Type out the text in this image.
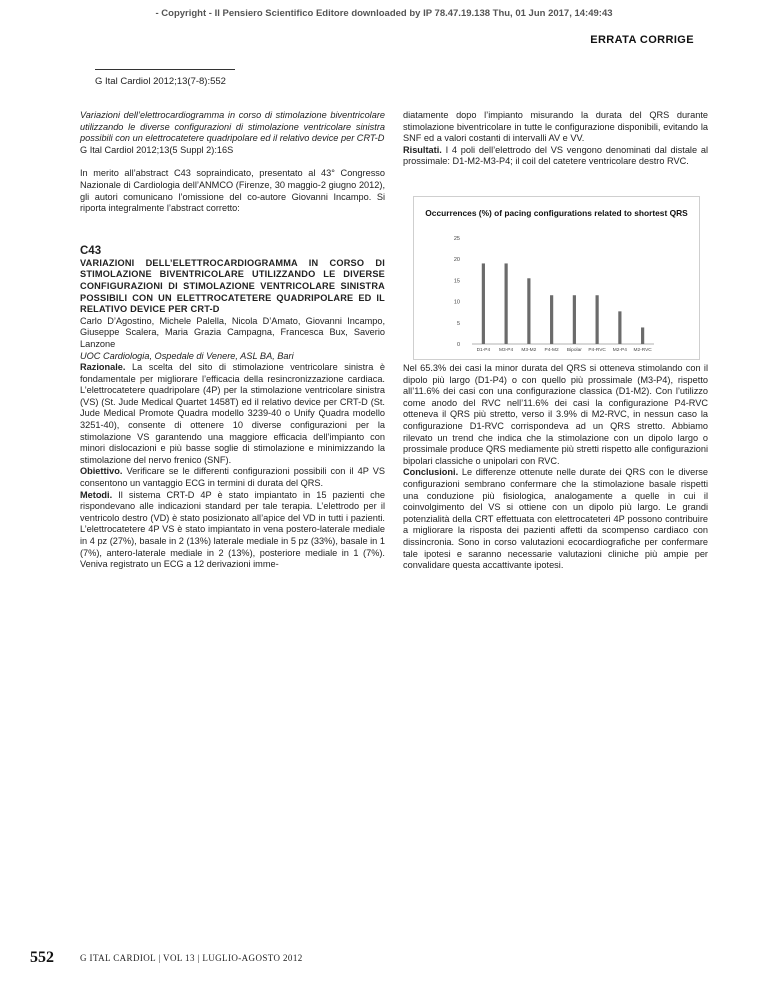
- Copyright - Il Pensiero Scientifico Editore downloaded by IP 78.47.19.138 Thu, 01 Jun 2017, 14:49:43
ERRATA CORRIGE
G Ital Cardiol 2012;13(7-8):552

Variazioni dell’elettrocardiogramma in corso di stimolazione biventricolare utilizzando le diverse configurazioni di stimolazione ventricolare sinistra possibili con un elettrocatetere quadripolare ed il relativo device per CRT-D

G Ital Cardiol 2012;13(5 Suppl 2):16S

In merito all’abstract C43 sopraindicato, presentato al 43° Congresso Nazionale di Cardiologia dell’ANMCO (Firenze, 30 maggio-2 giugno 2012), gli autori comunicano l’omissione del co-autore Giovanni Incampo. Si riporta integralmente l’abstract corretto:

C43

VARIAZIONI DELL’ELETTROCARDIOGRAMMA IN CORSO DI STIMOLAZIONE BIVENTRICOLARE UTILIZZANDO LE DIVERSE CONFIGURAZIONI DI STIMOLAZIONE VENTRICOLARE SINISTRA POSSIBILI CON UN ELETTROCATETERE QUADRIPOLARE ED IL RELATIVO DEVICE PER CRT-D

Carlo D’Agostino, Michele Palella, Nicola D’Amato, Giovanni Incampo, Giuseppe Scalera, Maria Grazia Campagna, Francesca Bux, Saverio Lanzone

UOC Cardiologia, Ospedale di Venere, ASL BA, Bari

Razionale. La scelta del sito di stimolazione ventricolare sinistra è fondamentale per migliorare l’efficacia della resincronizzazione cardiaca. L’elettrocatetere quadripolare (4P) per la stimolazione ventricolare sinistra (VS) (St. Jude Medical Quartet 1458T) ed il relativo device per CRT-D (St. Jude Medical Promote Quadra modello 3239-40 o Unify Quadra modello 3251-40), consente di ottenere 10 diverse configurazioni per la stimolazione VS garantendo una maggiore efficacia dell’impianto con minori dislocazioni e più basse soglie di stimolazione e minimizzando la stimolazione del nervo frenico (SNF).

Obiettivo. Verificare se le differenti configurazioni possibili con il 4P VS consentono un vantaggio ECG in termini di durata del QRS.

Metodi. Il sistema CRT-D 4P è stato impiantato in 15 pazienti che rispondevano alle indicazioni standard per tale terapia. L’elettrodo per il ventricolo destro (VD) è stato posizionato all’apice del VD in tutti i pazienti. L’elettrocatetere 4P VS è stato impiantato in vena postero-laterale mediale in 4 pz (27%), basale in 2 (13%) laterale mediale in 5 pz (33%), basale in 1 (7%), antero-laterale mediale in 2 (13%), posteriore mediale in 1 (7%). Veniva registrato un ECG a 12 derivazioni imme-

diatamente dopo l’impianto misurando la durata del QRS durante stimolazione biventricolare in tutte le configurazione disponibili, evitando la SNF ed a valori costanti di intervalli AV e VV.

Risultati. I 4 poli dell’elettrodo del VS vengono denominati dal distale al prossimale: D1-M2-M3-P4; il coil del catetere ventricolare destro RVC.

Occurrences (%) of pacing configurations related to shortest QRS
0
5
10
15
20
25
D1-P4 M3-P4 M3-M2 P4-M2 Bipolar P4-RVC M2-P4 M2-RVC

Nel 65.3% dei casi la minor durata del QRS si otteneva stimolando con il dipolo più largo (D1-P4) o con quello più prossimale (M3-P4), rispetto all’11.6% dei casi con una configurazione classica (D1-M2). Con l’utilizzo come anodo del RVC nell’11.6% dei casi la configurazione P4-RVC otteneva il QRS più stretto, verso il 3.9% di M2-RVC, in nessun caso la configurazione D1-RVC corrispondeva ad un QRS stretto. Abbiamo rilevato un trend che indica che la stimolazione con un dipolo largo o prossimale produce QRS mediamente più stretti rispetto alle configurazioni bipolari classiche o unipolari con RVC.

Conclusioni. Le differenze ottenute nelle durate dei QRS con le diverse configurazioni sembrano confermare che la stimolazione basale rispetti una conduzione più fisiologica, analogamente a quelle in cui il coinvolgimento del VS si ottiene con un dipolo più largo. Le grandi potenzialità della CRT effettuata con elettrocateteri 4P possono contribuire a migliorare la risposta dei pazienti affetti da scompenso cardiaco con dissincronia. Sono in corso valutazioni ecocardiografiche per confermare tale ipotesi e saranno necessarie valutazioni cliniche più ampie per convalidare questa accattivante ipotesi.

552	G ITAL CARDIOL | VOL 13 | LUGLIO-AGOSTO 2012
